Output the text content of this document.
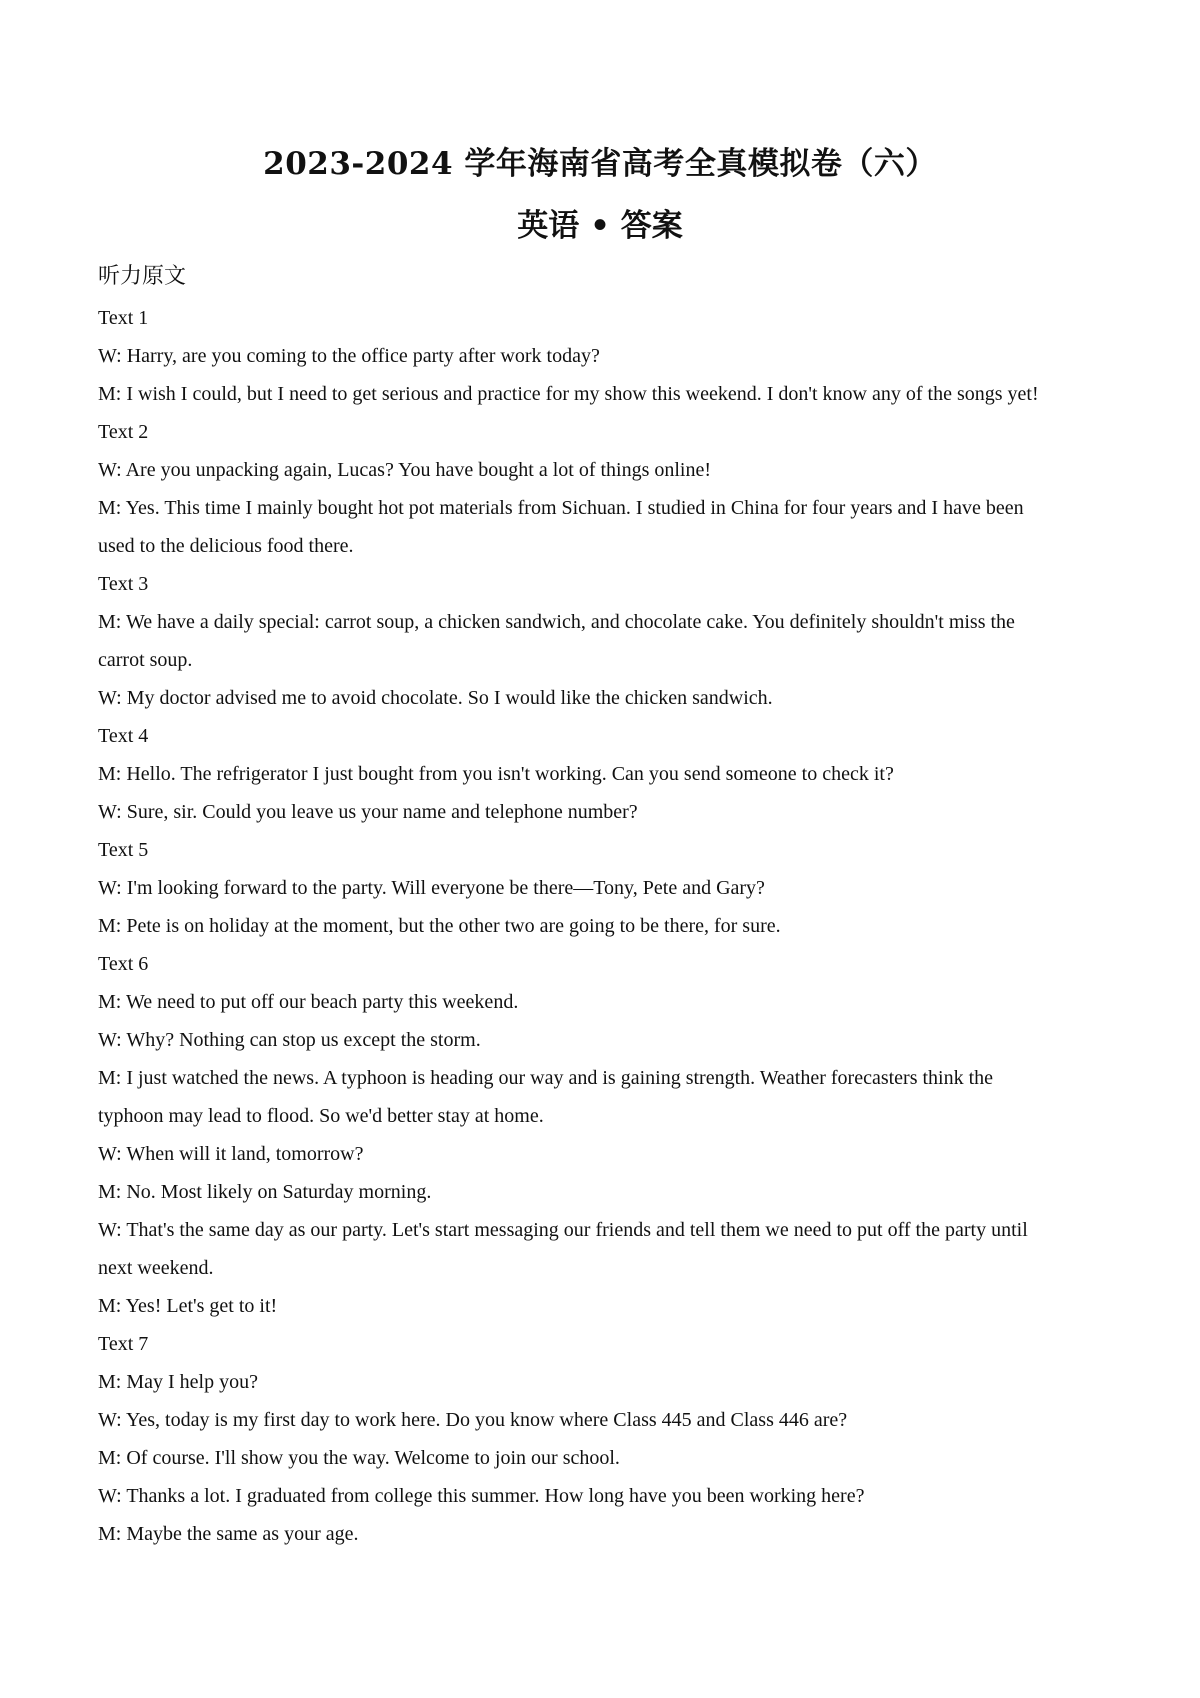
2023-2024 学年海南省高考全真模拟卷（六）
英语 • 答案
听力原文
Text 1
W: Harry, are you coming to the office party after work today?
M: I wish I could, but I need to get serious and practice for my show this weekend. I don't know any of the songs yet!
Text 2
W: Are you unpacking again, Lucas? You have bought a lot of things online!
M: Yes. This time I mainly bought hot pot materials from Sichuan. I studied in China for four years and I have been
used to the delicious food there.
Text 3
M: We have a daily special: carrot soup, a chicken sandwich, and chocolate cake. You definitely shouldn't miss the
carrot soup.
W: My doctor advised me to avoid chocolate. So I would like the chicken sandwich.
Text 4
M: Hello. The refrigerator I just bought from you isn't working. Can you send someone to check it?
W: Sure, sir. Could you leave us your name and telephone number?
Text 5
W: I'm looking forward to the party. Will everyone be there—Tony, Pete and Gary?
M: Pete is on holiday at the moment, but the other two are going to be there, for sure.
Text 6
M: We need to put off our beach party this weekend.
W: Why? Nothing can stop us except the storm.
M: I just watched the news. A typhoon is heading our way and is gaining strength. Weather forecasters think the
typhoon may lead to flood. So we'd better stay at home.
W: When will it land, tomorrow?
M: No. Most likely on Saturday morning.
W: That's the same day as our party. Let's start messaging our friends and tell them we need to put off the party until
next weekend.
M: Yes! Let's get to it!
Text 7
M: May I help you?
W: Yes, today is my first day to work here. Do you know where Class 445 and Class 446 are?
M: Of course. I'll show you the way. Welcome to join our school.
W: Thanks a lot. I graduated from college this summer. How long have you been working here?
M: Maybe the same as your age.
